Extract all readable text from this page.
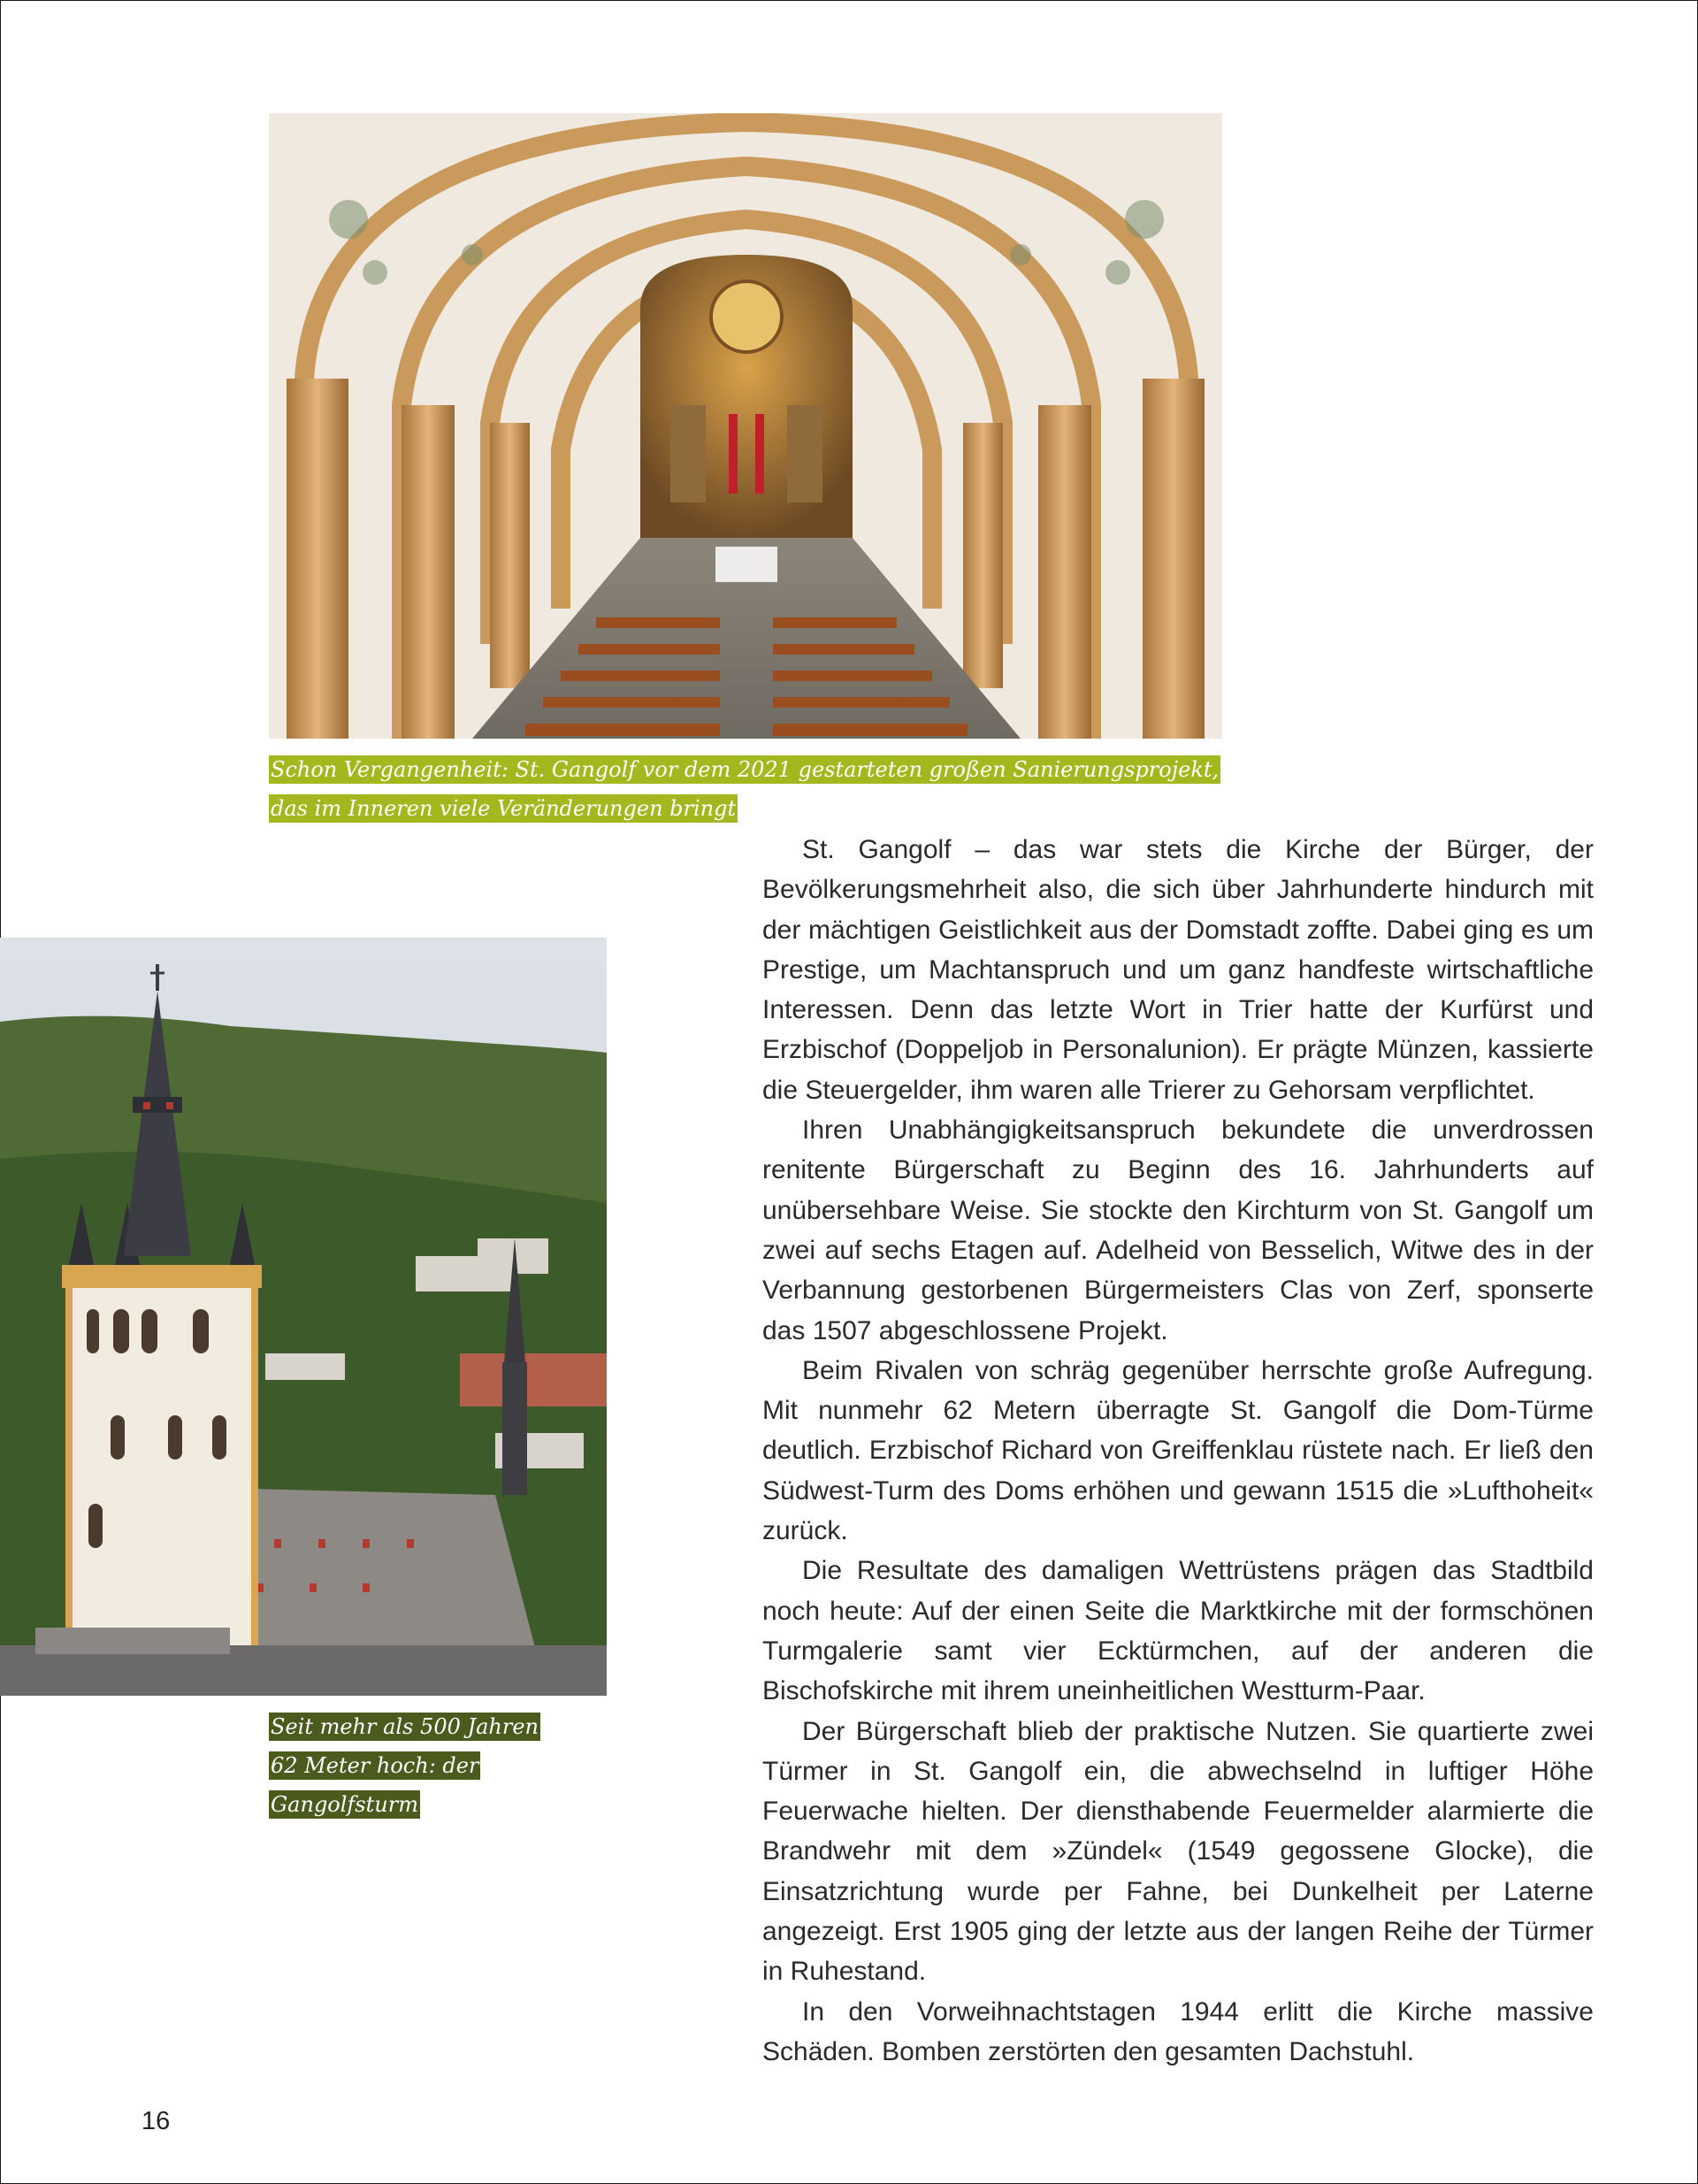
Schon Vergangenheit: St. Gangolf vor dem 2021 gestarteten großen Sanierungsprojekt,
das im Inneren viele Veränderungen bringt

Seit mehr als 500 Jahren
62 Meter hoch: der
Gangolfsturm

St. Gangolf – das war stets die Kirche der Bürger, der Bevölkerungsmehrheit also, die sich über Jahrhunderte hindurch mit der mächtigen Geistlichkeit aus der Domstadt zoffte. Dabei ging es um Prestige, um Machtanspruch und um ganz handfeste wirtschaftliche Interessen. Denn das letzte Wort in Trier hatte der Kurfürst und Erzbischof (Doppeljob in Personalunion). Er prägte Münzen, kassierte die Steuergelder, ihm waren alle Trierer zu Gehorsam verpflichtet.

Ihren Unabhängigkeitsanspruch bekundete die unverdrossen renitente Bürgerschaft zu Beginn des 16. Jahrhunderts auf unübersehbare Weise. Sie stockte den Kirchturm von St. Gangolf um zwei auf sechs Etagen auf. Adelheid von Besselich, Witwe des in der Verbannung gestorbenen Bürgermeisters Clas von Zerf, sponserte das 1507 abgeschlossene Projekt.

Beim Rivalen von schräg gegenüber herrschte große Aufregung. Mit nunmehr 62 Metern überragte St. Gangolf die Dom-Türme deutlich. Erzbischof Richard von Greiffenklau rüstete nach. Er ließ den Südwest-Turm des Doms erhöhen und gewann 1515 die »Lufthoheit« zurück.

Die Resultate des damaligen Wettrüstens prägen das Stadtbild noch heute: Auf der einen Seite die Marktkirche mit der formschönen Turmgalerie samt vier Ecktürmchen, auf der anderen die Bischofskirche mit ihrem uneinheitlichen Westturm-Paar.

Der Bürgerschaft blieb der praktische Nutzen. Sie quartierte zwei Türmer in St. Gangolf ein, die abwechselnd in luftiger Höhe Feuerwache hielten. Der diensthabende Feuermelder alarmierte die Brandwehr mit dem »Zündel« (1549 gegossene Glocke), die Einsatzrichtung wurde per Fahne, bei Dunkelheit per Laterne angezeigt. Erst 1905 ging der letzte aus der langen Reihe der Türmer in Ruhestand.

In den Vorweihnachtstagen 1944 erlitt die Kirche massive Schäden. Bomben zerstörten den gesamten Dachstuhl.

16
